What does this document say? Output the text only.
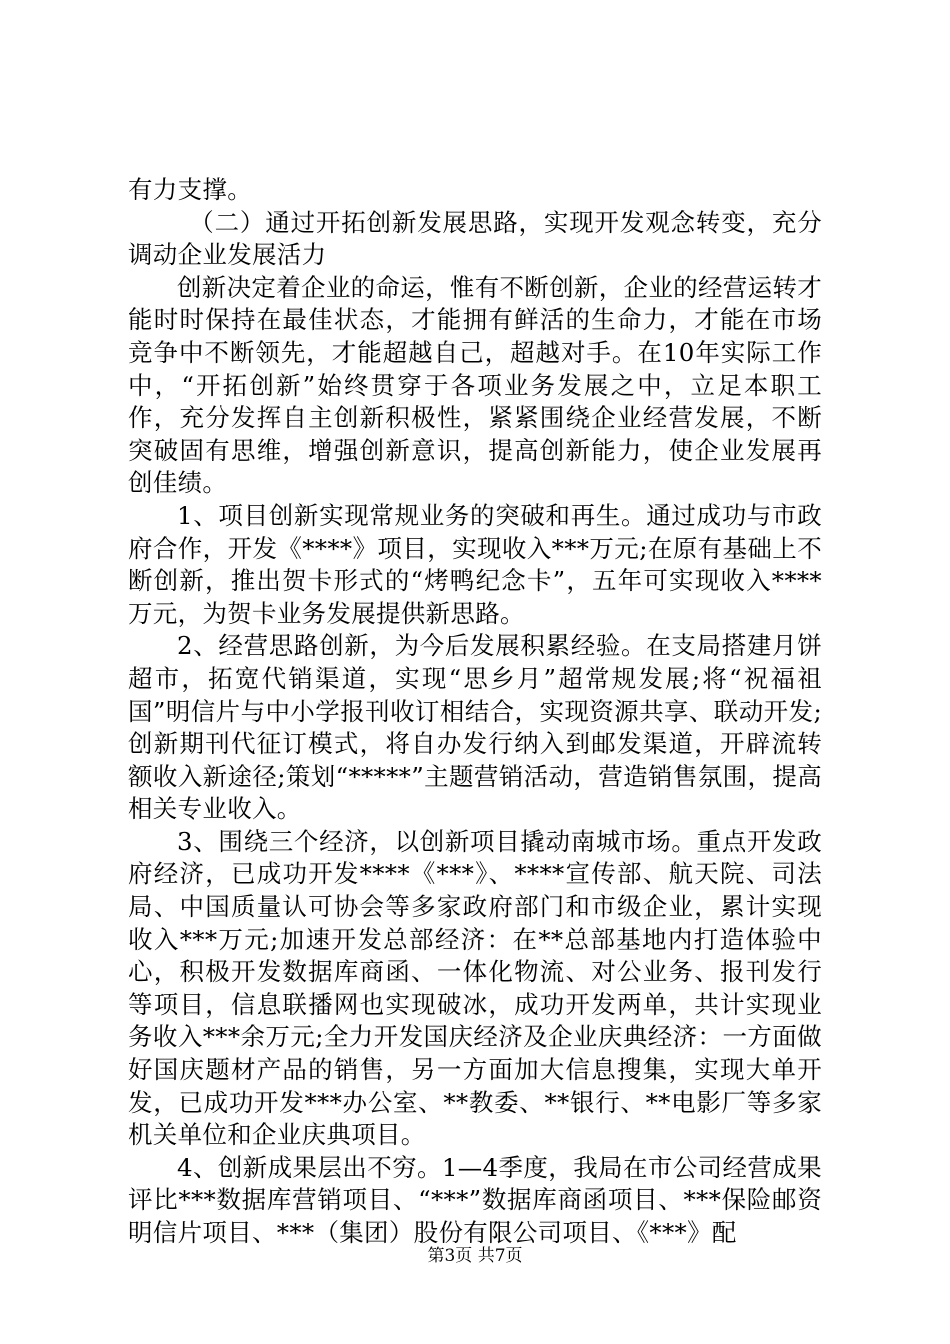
有力支撑。

（二）通过开拓创新发展思路，实现开发观念转变，充分调动企业发展活力

创新决定着企业的命运，惟有不断创新，企业的经营运转才能时时保持在最佳状态，才能拥有鲜活的生命力，才能在市场竞争中不断领先，才能超越自己，超越对手。在10年实际工作中，“开拓创新”始终贯穿于各项业务发展之中，立足本职工作，充分发挥自主创新积极性，紧紧围绕企业经营发展，不断突破固有思维，增强创新意识，提高创新能力，使企业发展再创佳绩。

1、项目创新实现常规业务的突破和再生。通过成功与市政府合作，开发《****》项目，实现收入***万元;在原有基础上不断创新，推出贺卡形式的“烤鸭纪念卡”，五年可实现收入****万元，为贺卡业务发展提供新思路。

2、经营思路创新，为今后发展积累经验。在支局搭建月饼超市，拓宽代销渠道，实现“思乡月”超常规发展;将“祝福祖国”明信片与中小学报刊收订相结合，实现资源共享、联动开发;创新期刊代征订模式，将自办发行纳入到邮发渠道，开辟流转额收入新途径;策划“*****”主题营销活动，营造销售氛围，提高相关专业收入。

3、围绕三个经济，以创新项目撬动南城市场。重点开发政府经济，已成功开发****《***》、****宣传部、航天院、司法局、中国质量认可协会等多家政府部门和市级企业，累计实现收入***万元;加速开发总部经济：在**总部基地内打造体验中心，积极开发数据库商函、一体化物流、对公业务、报刊发行等项目，信息联播网也实现破冰，成功开发两单，共计实现业务收入***余万元;全力开发国庆经济及企业庆典经济：一方面做好国庆题材产品的销售，另一方面加大信息搜集，实现大单开发，已成功开发***办公室、**教委、**银行、**电影厂等多家机关单位和企业庆典项目。

4、创新成果层出不穷。1—4季度，我局在市公司经营成果评比***数据库营销项目、“***”数据库商函项目、***保险邮资明信片项目、***（集团）股份有限公司项目、《***》配

第3页 共7页
